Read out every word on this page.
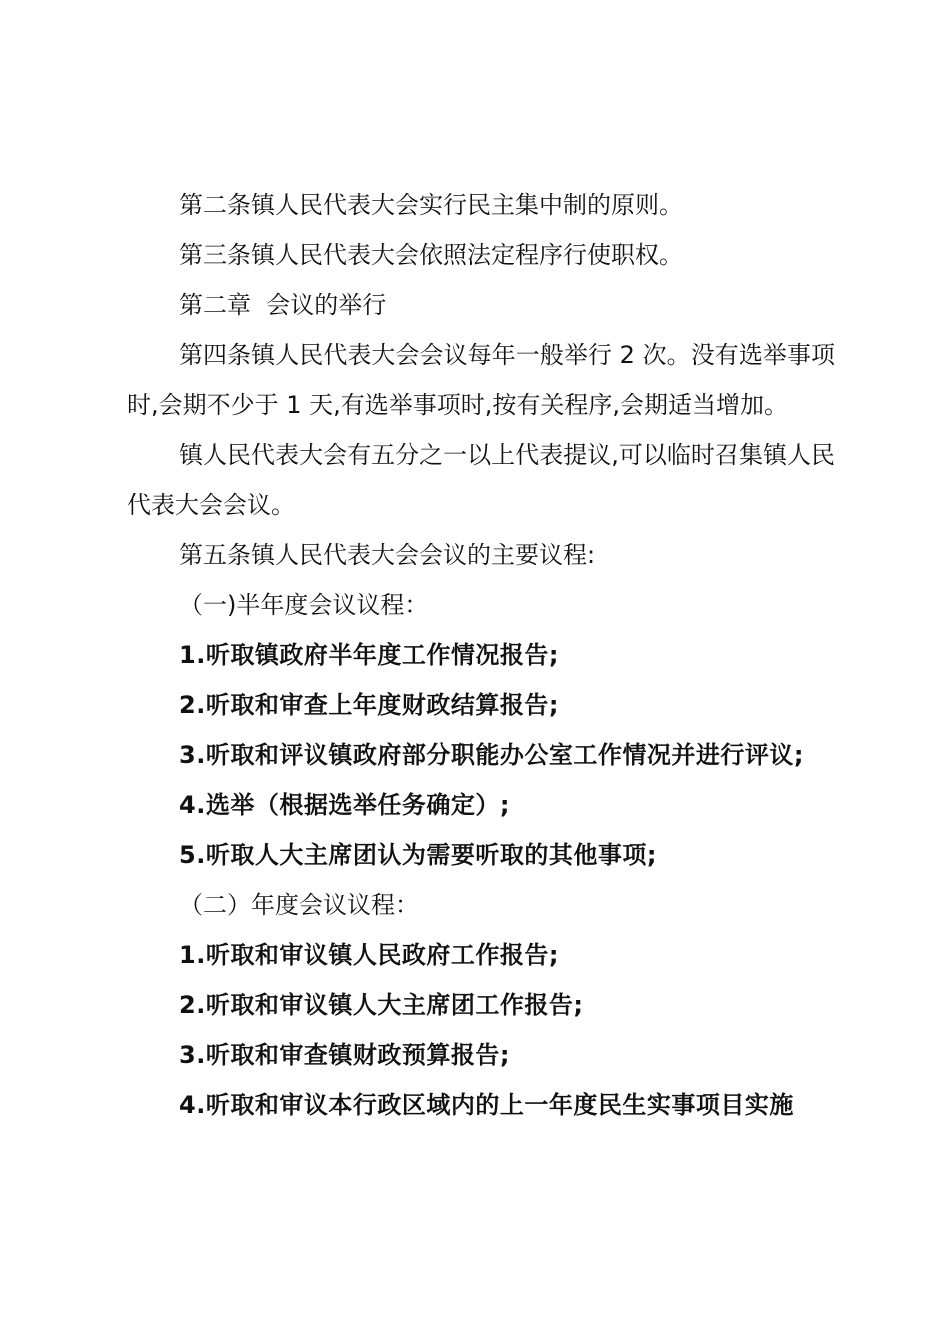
第二条镇人民代表大会实行民主集中制的原则。

第三条镇人民代表大会依照法定程序行使职权。

第二章  会议的举行

第四条镇人民代表大会会议每年一般举行 2 次。没有选举事项时,会期不少于 1 天,有选举事项时,按有关程序,会期适当增加。

镇人民代表大会有五分之一以上代表提议,可以临时召集镇人民代表大会会议。

第五条镇人民代表大会会议的主要议程:

（一)半年度会议议程：

1.听取镇政府半年度工作情况报告;

2.听取和审查上年度财政结算报告;

3.听取和评议镇政府部分职能办公室工作情况并进行评议;

4.选举（根据选举任务确定）;

5.听取人大主席团认为需要听取的其他事项;

（二）年度会议议程：

1.听取和审议镇人民政府工作报告;

2.听取和审议镇人大主席团工作报告;

3.听取和审查镇财政预算报告;

4.听取和审议本行政区域内的上一年度民生实事项目实施
